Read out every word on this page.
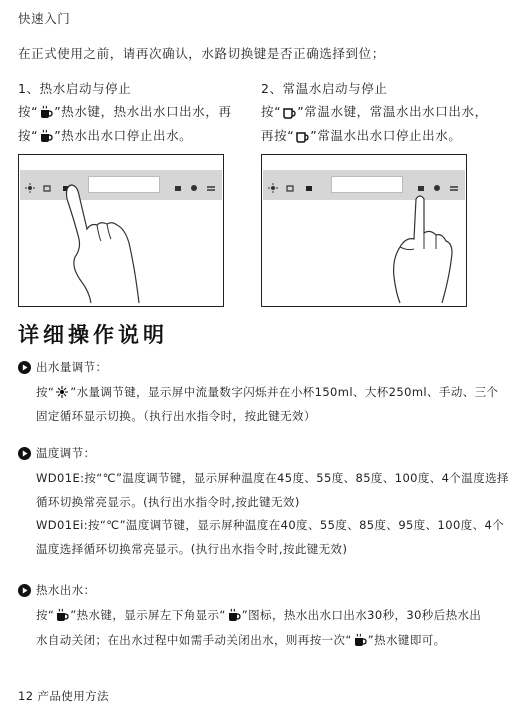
快速入门
在正式使用之前，请再次确认，水路切换键是否正确选择到位；
1、热水启动与停止
按“ ”热水键，热水出水口出水，再
按“ ”热水出水口停止出水。
2、常温水启动与停止
按“ ”常温水键，常温水出水口出水，
再按“ ”常温水出水口停止出水。
详细操作说明
出水量调节：
按“ ”水量调节键，显示屏中流量数字闪烁并在小杯150ml、大杯250ml、手动、三个
固定循环显示切换。（执行出水指令时，按此键无效）
温度调节：
WD01E:按“℃”温度调节键，显示屏种温度在45度、55度、85度、100度、4个温度选择
循环切换常亮显示。(执行出水指令时,按此键无效)
WD01Ei:按“℃”温度调节键，显示屏种温度在40度、55度、85度、95度、100度、4个
温度选择循环切换常亮显示。(执行出水指令时,按此键无效)
热水出水：
按“ ”热水键，显示屏左下角显示“ ”图标，热水出水口出水30秒，30秒后热水出
水自动关闭；在出水过程中如需手动关闭出水，则再按一次“ ”热水键即可。
12 产品使用方法
